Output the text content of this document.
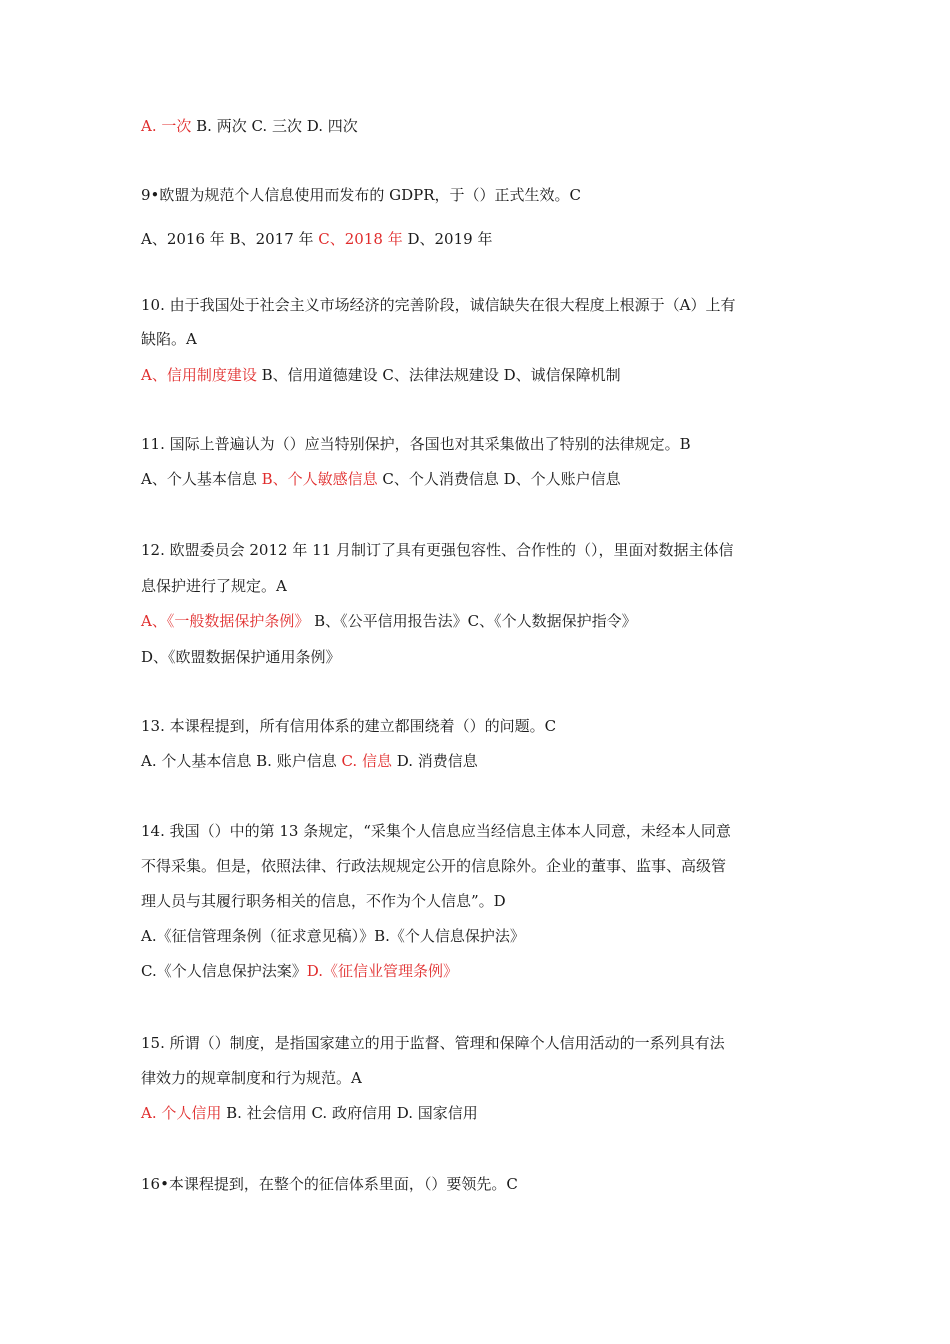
A. 一次 B. 两次 C. 三次 D. 四次
9•欧盟为规范个人信息使用而发布的 GDPR，于（）正式生效。C
A、2016 年 B、2017 年 C、2018 年 D、2019 年
10. 由于我国处于社会主义市场经济的完善阶段，诚信缺失在很大程度上根源于（A）上有
缺陷。A
A、信用制度建设 B、信用道德建设 C、法律法规建设 D、诚信保障机制
11. 国际上普遍认为（）应当特别保护，各国也对其采集做出了特别的法律规定。B
A、个人基本信息 B、个人敏感信息 C、个人消费信息 D、个人账户信息
12. 欧盟委员会 2012 年 11 月制订了具有更强包容性、合作性的（），里面对数据主体信
息保护进行了规定。A
A、《一般数据保护条例》 B、《公平信用报告法》C、《个人数据保护指令》
D、《欧盟数据保护通用条例》
13. 本课程提到，所有信用体系的建立都围绕着（）的问题。C
A. 个人基本信息 B. 账户信息 C. 信息 D. 消费信息
14. 我国（）中的第 13 条规定，“采集个人信息应当经信息主体本人同意，未经本人同意
不得采集。但是，依照法律、行政法规规定公开的信息除外。企业的董事、监事、高级管
理人员与其履行职务相关的信息，不作为个人信息”。D
A.《征信管理条例（征求意见稿）》B.《个人信息保护法》
C.《个人信息保护法案》D.《征信业管理条例》
15. 所谓（）制度，是指国家建立的用于监督、管理和保障个人信用活动的一系列具有法
律效力的规章制度和行为规范。A
A. 个人信用 B. 社会信用 C. 政府信用 D. 国家信用
16•本课程提到，在整个的征信体系里面，（）要领先。C
